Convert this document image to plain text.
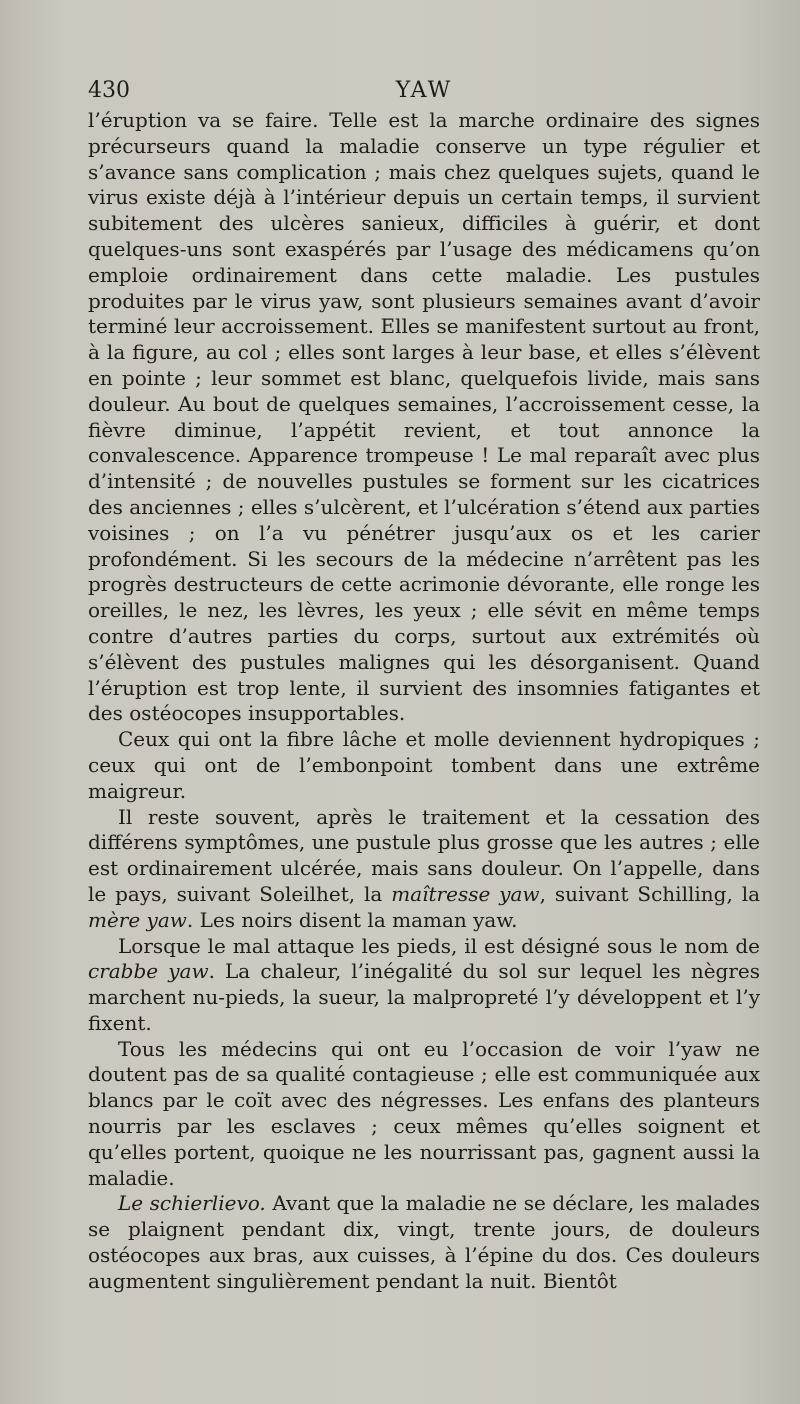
430	YAW

l’éruption va se faire. Telle est la marche ordinaire des signes précurseurs quand la maladie conserve un type régulier et s’avance sans complication ; mais chez quelques sujets, quand le virus existe déjà à l’intérieur depuis un certain temps, il survient subitement des ulcères sanieux, difficiles à guérir, et dont quelques-uns sont exaspérés par l’usage des médicamens qu’on emploie ordinairement dans cette maladie. Les pustules produites par le virus yaw, sont plusieurs semaines avant d’avoir terminé leur accroissement. Elles se manifestent surtout au front, à la figure, au col ; elles sont larges à leur base, et elles s’élèvent en pointe ; leur sommet est blanc, quelquefois livide, mais sans douleur. Au bout de quelques semaines, l’accroissement cesse, la fièvre diminue, l’appétit revient, et tout annonce la convalescence. Apparence trompeuse ! Le mal reparaît avec plus d’intensité ; de nouvelles pustules se forment sur les cicatrices des anciennes ; elles s’ulcèrent, et l’ulcération s’étend aux parties voisines ; on l’a vu pénétrer jusqu’aux os et les carier profondément. Si les secours de la médecine n’arrêtent pas les progrès destructeurs de cette acrimonie dévorante, elle ronge les oreilles, le nez, les lèvres, les yeux ; elle sévit en même temps contre d’autres parties du corps, surtout aux extrémités où s’élèvent des pustules malignes qui les désorganisent. Quand l’éruption est trop lente, il survient des insomnies fatigantes et des ostéocopes insupportables.

Ceux qui ont la fibre lâche et molle deviennent hydropiques ; ceux qui ont de l’embonpoint tombent dans une extrême maigreur.

Il reste souvent, après le traitement et la cessation des différens symptômes, une pustule plus grosse que les autres ; elle est ordinairement ulcérée, mais sans douleur. On l’appelle, dans le pays, suivant Soleilhet, la maîtresse yaw, suivant Schilling, la mère yaw. Les noirs disent la maman yaw.

Lorsque le mal attaque les pieds, il est désigné sous le nom de crabbe yaw. La chaleur, l’inégalité du sol sur lequel les nègres marchent nu-pieds, la sueur, la malpropreté l’y développent et l’y fixent.

Tous les médecins qui ont eu l’occasion de voir l’yaw ne doutent pas de sa qualité contagieuse ; elle est communiquée aux blancs par le coït avec des négresses. Les enfans des planteurs nourris par les esclaves ; ceux mêmes qu’elles soignent et qu’elles portent, quoique ne les nourrissant pas, gagnent aussi la maladie.

Le schierlievo. Avant que la maladie ne se déclare, les malades se plaignent pendant dix, vingt, trente jours, de douleurs ostéocopes aux bras, aux cuisses, à l’épine du dos. Ces douleurs augmentent singulièrement pendant la nuit. Bientôt
